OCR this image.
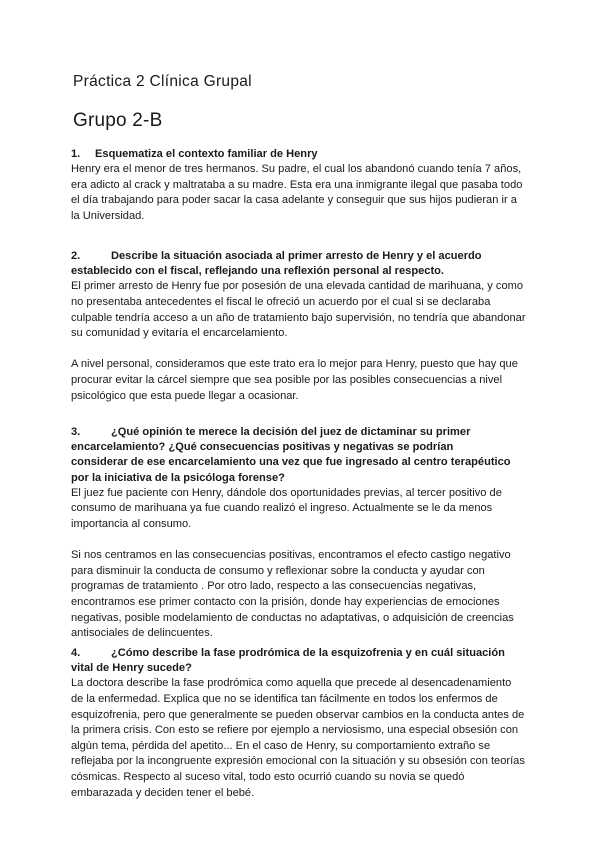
Práctica 2 Clínica Grupal
Grupo 2-B

1. Esquematiza el contexto familiar de Henry

Henry era el menor de tres hermanos. Su padre, el cual los abandonó cuando tenía 7 años,
era adicto al crack y maltrataba a su madre. Esta era una inmigrante ilegal que pasaba todo
el día trabajando para poder sacar la casa adelante y conseguir que sus hijos pudieran ir a
la Universidad.

2.	Describe la situación asociada al primer arresto de Henry y el acuerdo
establecido con el fiscal, reflejando una reflexión personal al respecto.

El primer arresto de Henry fue por posesión de una elevada cantidad de marihuana, y como
no presentaba antecedentes el fiscal le ofreció un acuerdo por el cual si se declaraba
culpable tendría acceso a un año de tratamiento bajo supervisión, no tendría que abandonar
su comunidad y evitaría el encarcelamiento.

A nivel personal, consideramos que este trato era lo mejor para Henry, puesto que hay que
procurar evitar la cárcel siempre que sea posible por las posibles consecuencias a nivel
psicológico que esta puede llegar a ocasionar.

3.	¿Qué opinión te merece la decisión del juez de dictaminar su primer
encarcelamiento? ¿Qué consecuencias positivas y negativas se podrían
considerar de ese encarcelamiento una vez que fue ingresado al centro terapéutico
por la iniciativa de la psicóloga forense?

El juez fue paciente con Henry, dándole dos oportunidades previas, al tercer positivo de
consumo de marihuana ya fue cuando realizó el ingreso. Actualmente se le da menos
importancia al consumo.

Si nos centramos en las consecuencias positivas, encontramos el efecto castigo negativo
para disminuir la conducta de consumo y reflexionar sobre la conducta y ayudar con
programas de tratamiento . Por otro lado, respecto a las consecuencias negativas,
encontramos ese primer contacto con la prisión, donde hay experiencias de emociones
negativas, posible modelamiento de conductas no adaptativas, o adquisición de creencias
antisociales de delincuentes.

4.	¿Cómo describe la fase prodrómica de la esquizofrenia y en cuál situación
vital de Henry sucede?

La doctora describe la fase prodrómica como aquella que precede al desencadenamiento
de la enfermedad. Explica que no se identifica tan fácilmente en todos los enfermos de
esquizofrenia, pero que generalmente se pueden observar cambios en la conducta antes de
la primera crisis. Con esto se refiere por ejemplo a nerviosismo, una especial obsesión con
algún tema, pérdida del apetito... En el caso de Henry, su comportamiento extraño se
reflejaba por la incongruente expresión emocional con la situación y su obsesión con teorías
cósmicas. Respecto al suceso vital, todo esto ocurrió cuando su novia se quedó
embarazada y deciden tener el bebé.
